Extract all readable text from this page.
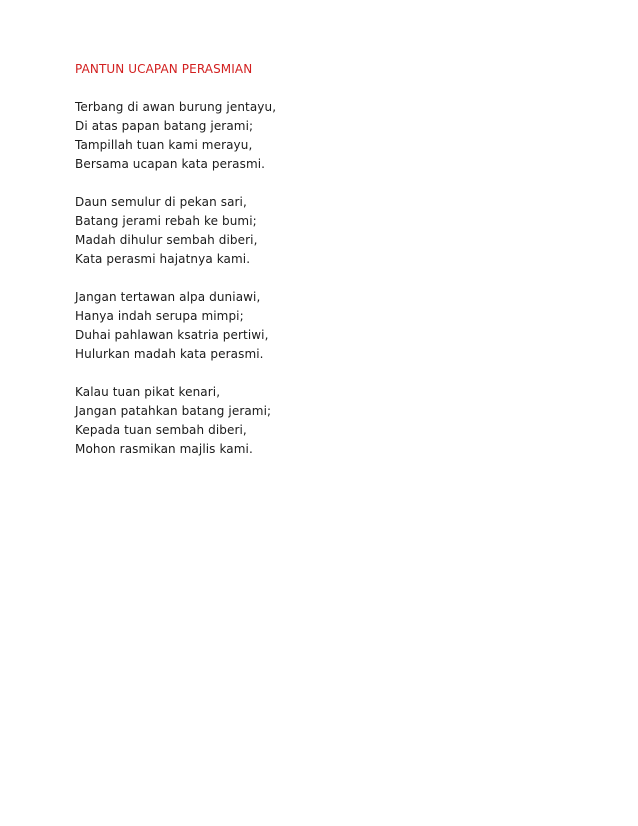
PANTUN UCAPAN PERASMIAN
Terbang di awan burung jentayu,
Di atas papan batang jerami;
Tampillah tuan kami merayu,
Bersama ucapan kata perasmi.
Daun semulur di pekan sari,
Batang jerami rebah ke bumi;
Madah dihulur sembah diberi,
Kata perasmi hajatnya kami.
Jangan tertawan alpa duniawi,
Hanya indah serupa mimpi;
Duhai pahlawan ksatria pertiwi,
Hulurkan madah kata perasmi.
Kalau tuan pikat kenari,
Jangan patahkan batang jerami;
Kepada tuan sembah diberi,
Mohon rasmikan majlis kami.
